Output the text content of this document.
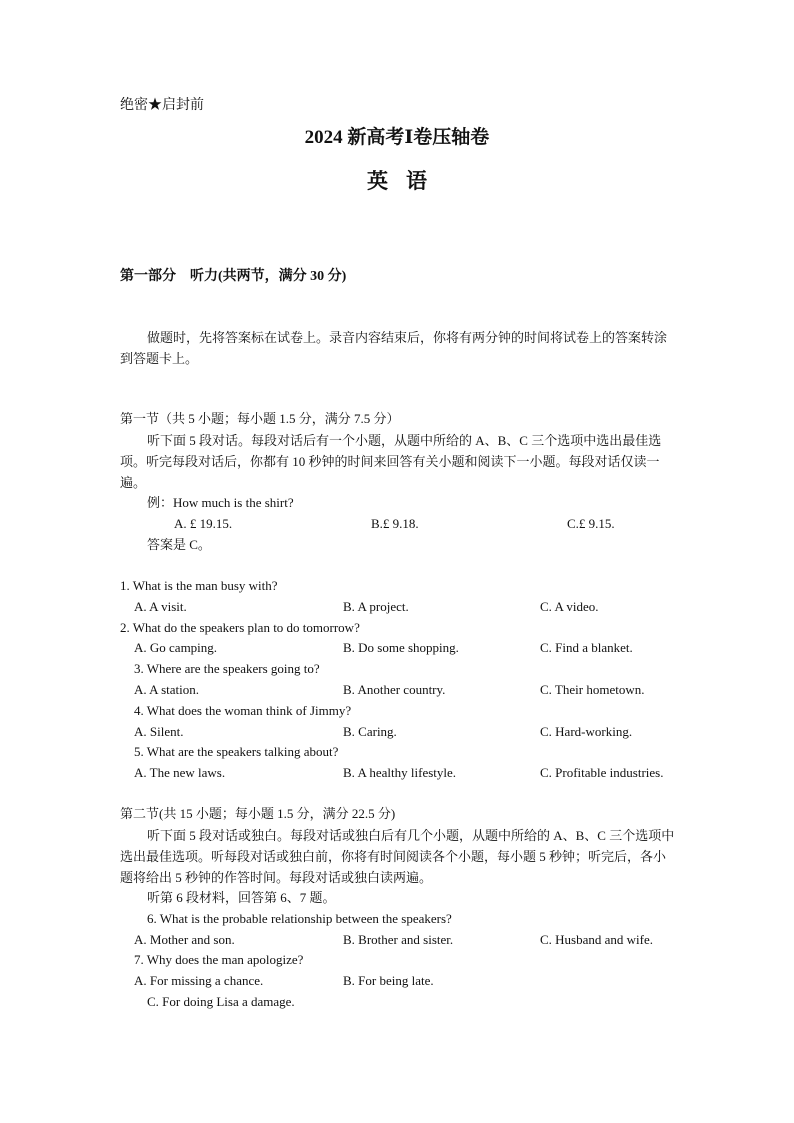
绝密★启封前
2024 新高考Ⅰ卷压轴卷
英语
第一部分 听力(共两节，满分 30 分)
做题时，先将答案标在试卷上。录音内容结束后，你将有两分钟的时间将试卷上的答案转涂到答题卡上。
第一节（共 5 小题；每小题 1.5 分，满分 7.5 分）
听下面 5 段对话。每段对话后有一个小题，从题中所给的 A、B、C 三个选项中选出最佳选项。听完每段对话后，你都有 10 秒钟的时间来回答有关小题和阅读下一小题。每段对话仅读一遍。
例：How much is the shirt?
A. £ 19.15.	B.£ 9.18.	C.£ 9.15.
答案是 C。
1. What is the man busy with?
A. A visit.	B. A project.	C. A video.
2. What do the speakers plan to do tomorrow?
A. Go camping.	B. Do some shopping.	C. Find a blanket.
3. Where are the speakers going to?
A. A station.	B. Another country.	C. Their hometown.
4. What does the woman think of Jimmy?
A. Silent.	B. Caring.	C. Hard-working.
5. What are the speakers talking about?
A. The new laws.	B. A healthy lifestyle.	C. Profitable industries.
第二节(共 15 小题；每小题 1.5 分，满分 22.5 分)
听下面 5 段对话或独白。每段对话或独白后有几个小题，从题中所给的 A、B、C 三个选项中选出最佳选项。听每段对话或独白前，你将有时间阅读各个小题，每小题 5 秒钟；听完后，各小题将给出 5 秒钟的作答时间。每段对话或独白读两遍。
听第 6 段材料，回答第 6、7 题。
6. What is the probable relationship between the speakers?
A. Mother and son.	B. Brother and sister.	C. Husband and wife.
7. Why does the man apologize?
A. For missing a chance.	B. For being late.
C. For doing Lisa a damage.
